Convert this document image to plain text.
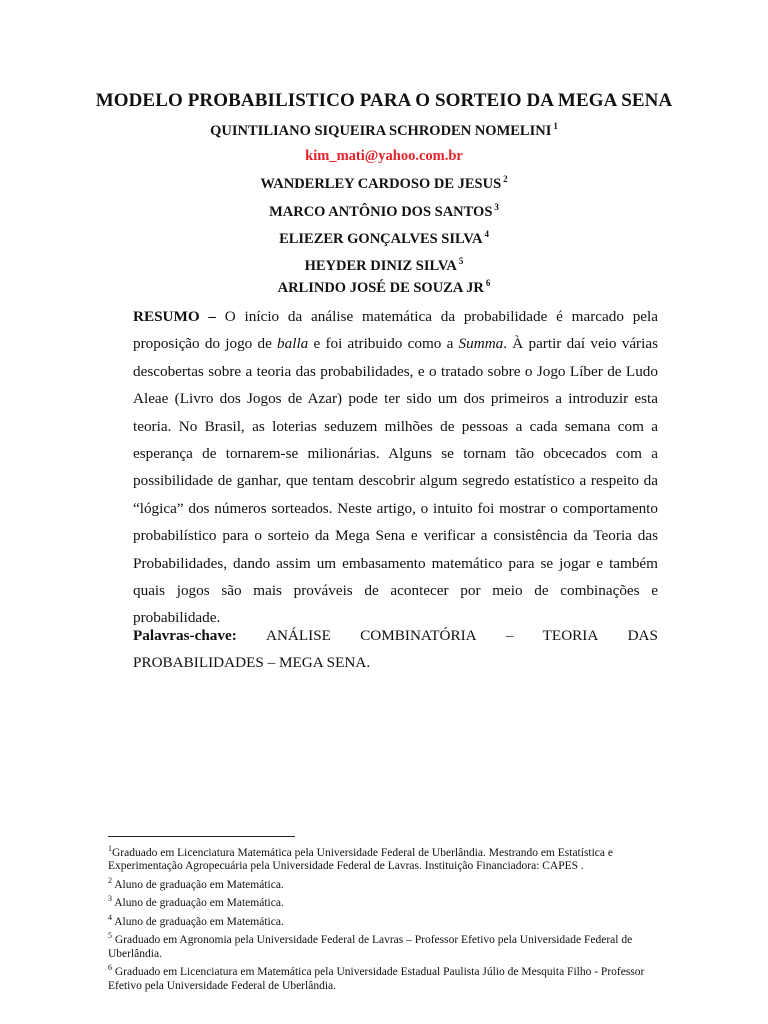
MODELO PROBABILISTICO PARA O SORTEIO DA MEGA SENA
QUINTILIANO SIQUEIRA SCHRODEN NOMELINI $^1$
kim_mati@yahoo.com.br
WANDERLEY CARDOSO DE JESUS $^2$
MARCO ANTÔNIO DOS SANTOS $^3$
ELIEZER GONÇALVES SILVA $^4$
HEYDER DINIZ SILVA $^5$
ARLINDO JOSÉ DE SOUZA JR $^6$
RESUMO – O início da análise matemática da probabilidade é marcado pela proposição do jogo de balla e foi atribuido como a Summa. À partir daí veio várias descobertas sobre a teoria das probabilidades, e o tratado sobre o Jogo Líber de Ludo Aleae (Livro dos Jogos de Azar) pode ter sido um dos primeiros a introduzir esta teoria. No Brasil, as loterias seduzem milhões de pessoas a cada semana com a esperança de tornarem-se milionárias. Alguns se tornam tão obcecados com a possibilidade de ganhar, que tentam descobrir algum segredo estatístico a respeito da “lógica” dos números sorteados. Neste artigo, o intuito foi mostrar o comportamento probabilístico para o sorteio da Mega Sena e verificar a consistência da Teoria das Probabilidades, dando assim um embasamento matemático para se jogar e também quais jogos são mais prováveis de acontecer por meio de combinações e probabilidade.
Palavras-chave: ANÁLISE COMBINATÓRIA – TEORIA DAS
PROBABILIDADES – MEGA SENA.

$^1$Graduado em Licenciatura Matemática pela Universidade Federal de Uberlândia. Mestrando em Estatística e Experimentação Agropecuária pela Universidade Federal de Lavras. Instituição Financiadora: CAPES .

$^2$ Aluno de graduação em Matemática.

$^3$ Aluno de graduação em Matemática.

$^4$ Aluno de graduação em Matemática.

$^5$ Graduado em Agronomia pela Universidade Federal de Lavras – Professor Efetivo pela Universidade Federal de Uberlândia.

$^6$ Graduado em Licenciatura em Matemática pela Universidade Estadual Paulista Júlio de Mesquita Filho - Professor Efetivo pela Universidade Federal de Uberlândia.
